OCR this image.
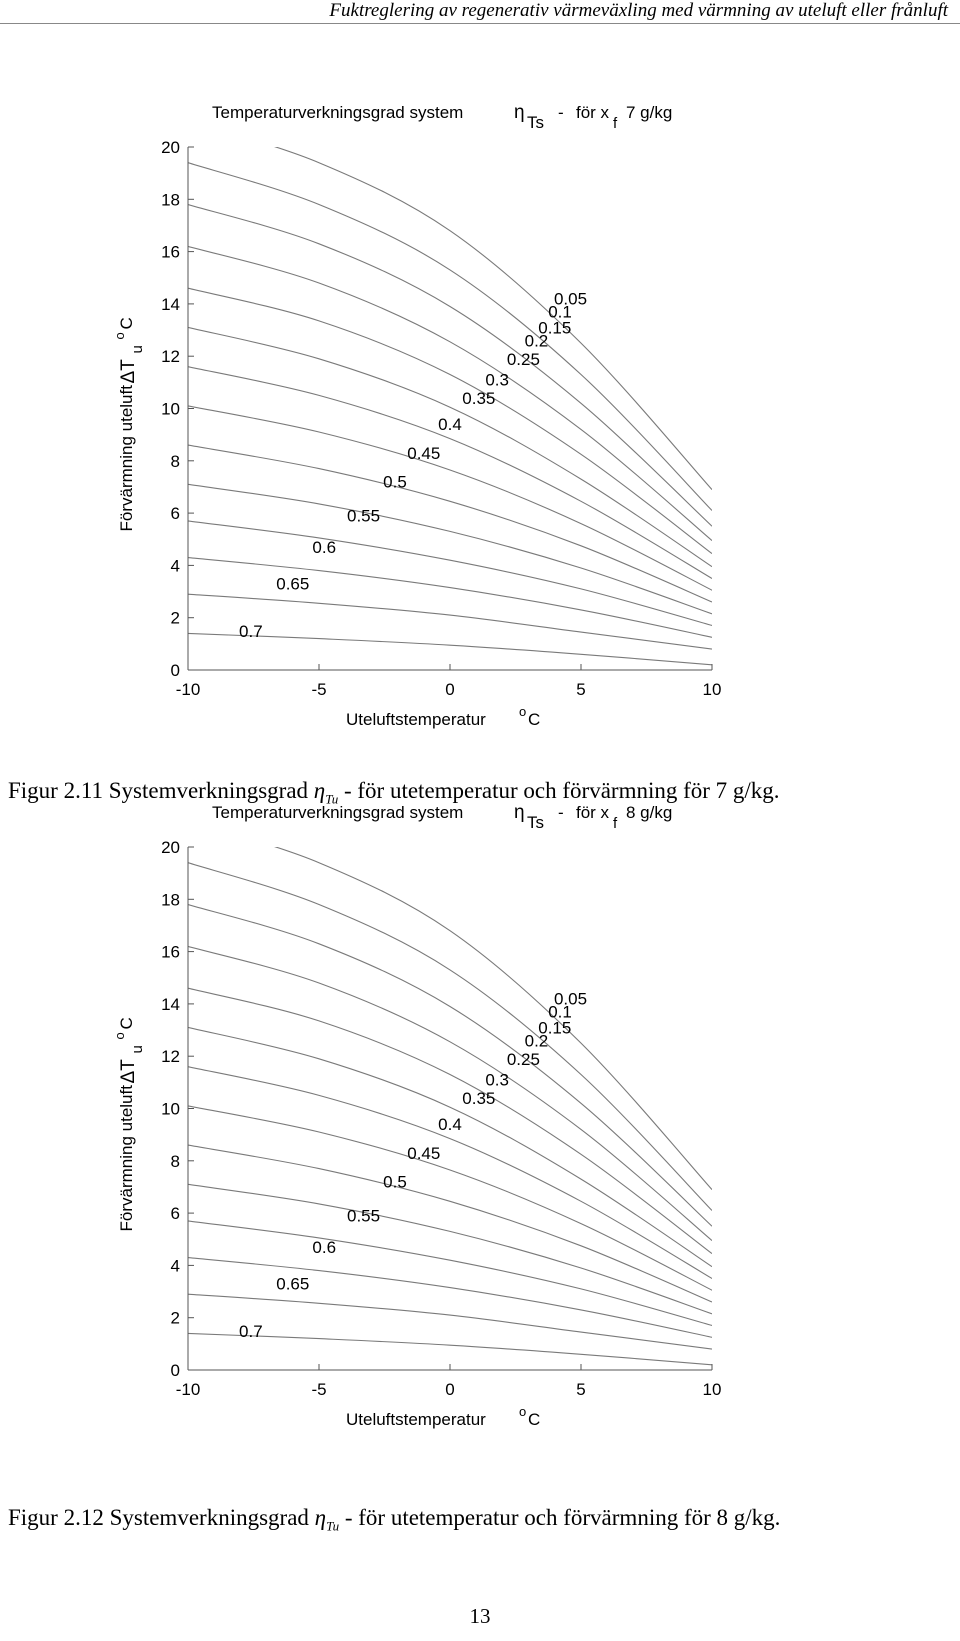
Fuktreglering av regenerativ värmeväxling med värmning av uteluft eller frånluft
-10	-5	0	5	10
0
2
4
6
8
10
12
14
16
18
20
0.7
0.65
0.6
0.55
0.5
0.45
0.4
0.35
0.3
0.25
0.2
0.15
0.1
0.05
Temperaturverkningsgrad system	η Ts
- för x
f
7 g/kg
Uteluftstemperatur	o C
Förvärmning uteluft
ΔT
u
o
C
Figur 2.11 Systemverkningsgrad $\eta_{Tu}$ - för utetemperatur och förvärmning för 7 g/kg.
-10	-5	0	5	10
0
2
4
6
8
10
12
14
16
18
20
0.7
0.65
0.6
0.55
0.5
0.45
0.4
0.35
0.3
0.25
0.2
0.15
0.1
0.05
Temperaturverkningsgrad system	η Ts
- för x
f
8 g/kg
Uteluftstemperatur	o C
Förvärmning uteluft
ΔT
u
o
C
Figur 2.12 Systemverkningsgrad $\eta_{Tu}$ - för utetemperatur och förvärmning för 8 g/kg.
13
